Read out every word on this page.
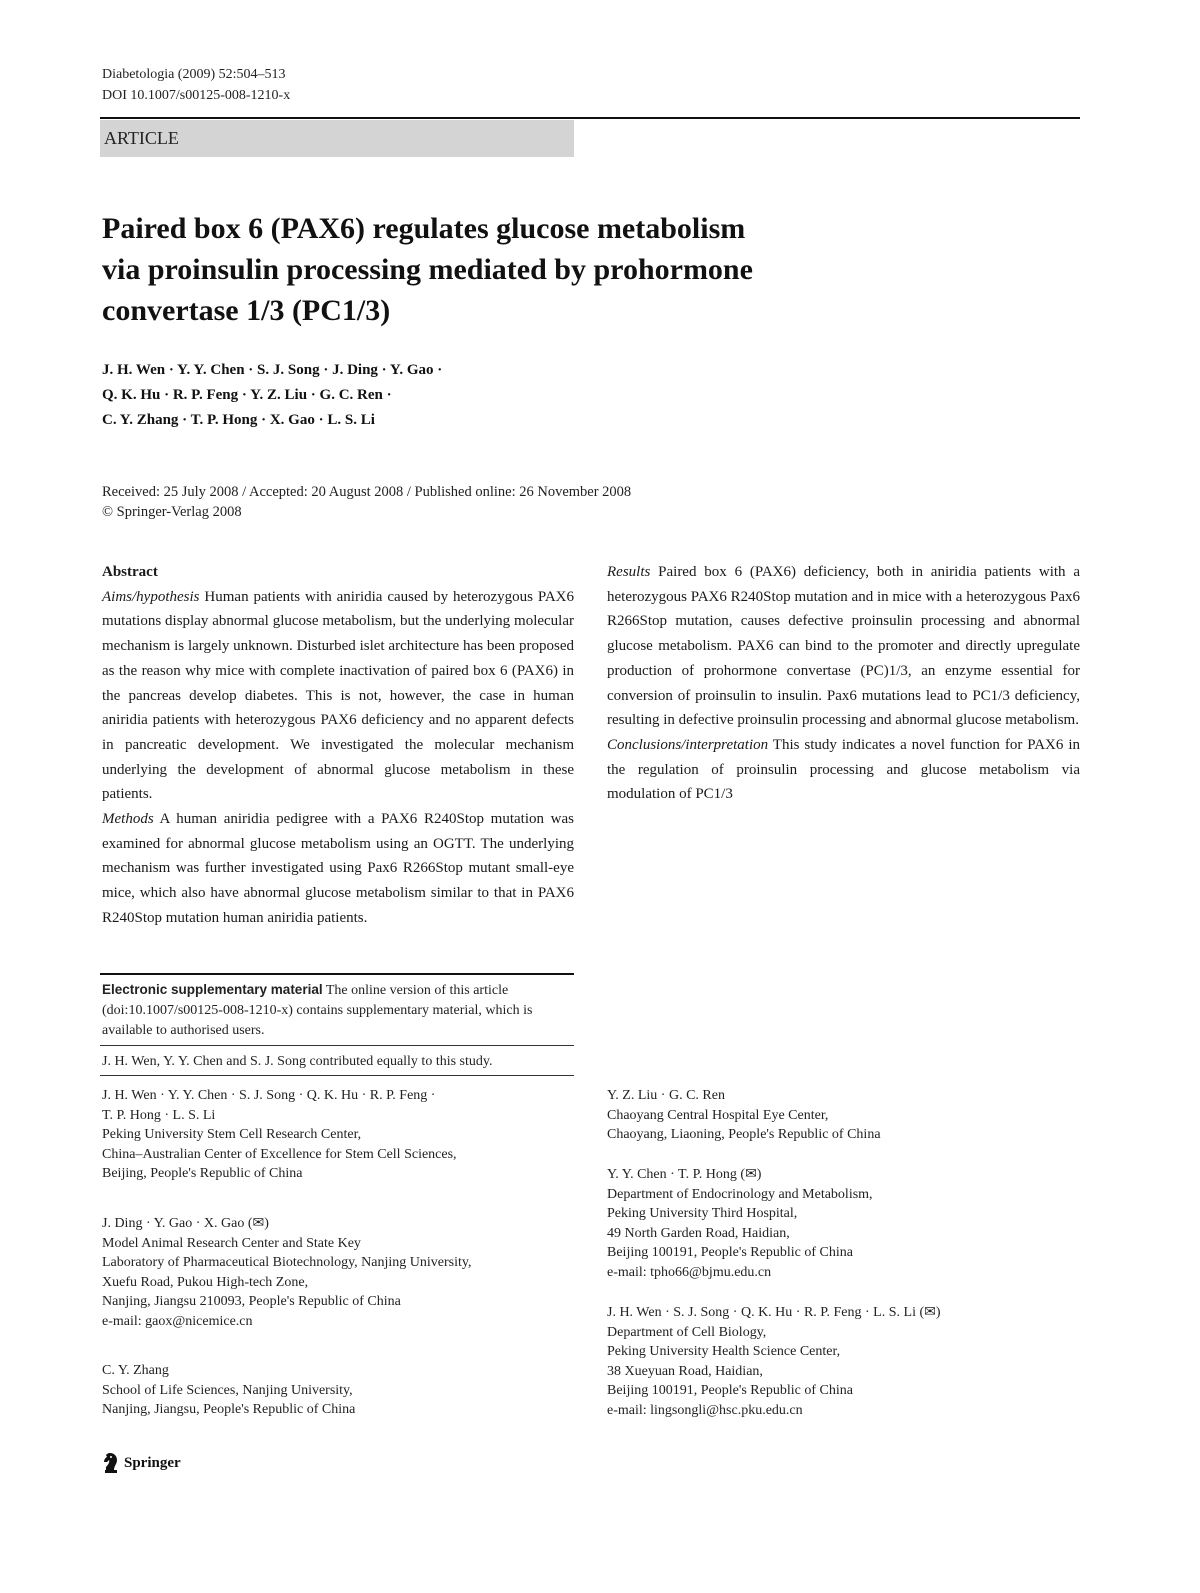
Diabetologia (2009) 52:504–513
DOI 10.1007/s00125-008-1210-x
ARTICLE
Paired box 6 (PAX6) regulates glucose metabolism
via proinsulin processing mediated by prohormone
convertase 1/3 (PC1/3)
J. H. Wen · Y. Y. Chen · S. J. Song · J. Ding · Y. Gao ·
Q. K. Hu · R. P. Feng · Y. Z. Liu · G. C. Ren ·
C. Y. Zhang · T. P. Hong · X. Gao · L. S. Li
Received: 25 July 2008 / Accepted: 20 August 2008 / Published online: 26 November 2008
© Springer-Verlag 2008

Abstract

Aims/hypothesis Human patients with aniridia caused by heterozygous PAX6 mutations display abnormal glucose metabolism, but the underlying molecular mechanism is largely unknown. Disturbed islet architecture has been proposed as the reason why mice with complete inactivation of paired box 6 (PAX6) in the pancreas develop diabetes. This is not, however, the case in human aniridia patients with heterozygous PAX6 deficiency and no apparent defects in pancreatic development. We investigated the molecular mechanism underlying the development of abnormal glucose metabolism in these patients.

Methods A human aniridia pedigree with a PAX6 R240Stop mutation was examined for abnormal glucose metabolism using an OGTT. The underlying mechanism was further investigated using Pax6 R266Stop mutant small-eye mice, which also have abnormal glucose metabolism similar to that in PAX6 R240Stop mutation human aniridia patients.

Results Paired box 6 (PAX6) deficiency, both in aniridia patients with a heterozygous PAX6 R240Stop mutation and in mice with a heterozygous Pax6 R266Stop mutation, causes defective proinsulin processing and abnormal glucose metabolism. PAX6 can bind to the promoter and directly upregulate production of prohormone convertase (PC)1/3, an enzyme essential for conversion of proinsulin to insulin. Pax6 mutations lead to PC1/3 deficiency, resulting in defective proinsulin processing and abnormal glucose metabolism.

Conclusions/interpretation This study indicates a novel function for PAX6 in the regulation of proinsulin processing and glucose metabolism via modulation of PC1/3

Electronic supplementary material The online version of this article (doi:10.1007/s00125-008-1210-x) contains supplementary material, which is available to authorised users.
J. H. Wen, Y. Y. Chen and S. J. Song contributed equally to this study.
J. H. Wen · Y. Y. Chen · S. J. Song · Q. K. Hu · R. P. Feng ·
T. P. Hong · L. S. Li
Peking University Stem Cell Research Center,
China–Australian Center of Excellence for Stem Cell Sciences,
Beijing, People's Republic of China
J. Ding · Y. Gao · X. Gao (✉)
Model Animal Research Center and State Key
Laboratory of Pharmaceutical Biotechnology, Nanjing University,
Xuefu Road, Pukou High-tech Zone,
Nanjing, Jiangsu 210093, People's Republic of China
e-mail: gaox@nicemice.cn
C. Y. Zhang
School of Life Sciences, Nanjing University,
Nanjing, Jiangsu, People's Republic of China
Y. Z. Liu · G. C. Ren
Chaoyang Central Hospital Eye Center,
Chaoyang, Liaoning, People's Republic of China
Y. Y. Chen · T. P. Hong (✉)
Department of Endocrinology and Metabolism,
Peking University Third Hospital,
49 North Garden Road, Haidian,
Beijing 100191, People's Republic of China
e-mail: tpho66@bjmu.edu.cn
J. H. Wen · S. J. Song · Q. K. Hu · R. P. Feng · L. S. Li (✉)
Department of Cell Biology,
Peking University Health Science Center,
38 Xueyuan Road, Haidian,
Beijing 100191, People's Republic of China
e-mail: lingsongli@hsc.pku.edu.cn
Springer
